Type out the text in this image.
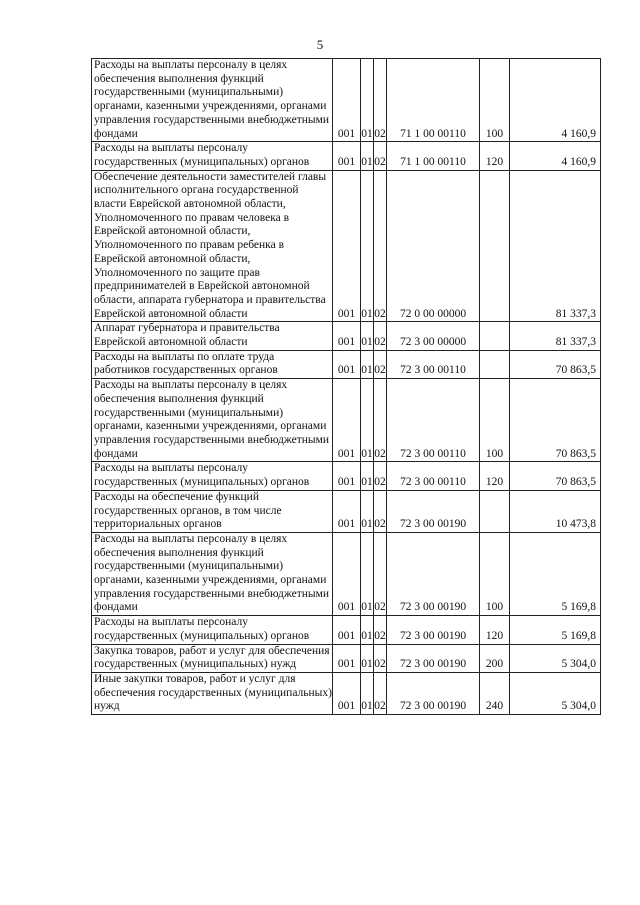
5
Расходы на выплаты персоналу в целях обеспечения выполнения функций государственными (муниципальными) органами, казенными учреждениями, органами управления государственными внебюджетными фондами	001	01	02	71 1 00 00110	100	4 160,9
Расходы на выплаты персоналу государственных (муниципальных) органов	001	01	02	71 1 00 00110	120	4 160,9
Обеспечение деятельности заместителей главы исполнительного органа государственной власти Еврейской автономной области, Уполномоченного по правам человека в Еврейской автономной области, Уполномоченного по правам ребенка в Еврейской автономной области, Уполномоченного по защите прав предпринимателей в Еврейской автономной области, аппарата губернатора и правительства Еврейской автономной области	001	01	02	72 0 00 00000		81 337,3
Аппарат губернатора и правительства Еврейской автономной области	001	01	02	72 3 00 00000		81 337,3
Расходы на выплаты по оплате труда работников государственных органов	001	01	02	72 3 00 00110		70 863,5
Расходы на выплаты персоналу в целях обеспечения выполнения функций государственными (муниципальными) органами, казенными учреждениями, органами управления государственными внебюджетными фондами	001	01	02	72 3 00 00110	100	70 863,5
Расходы на выплаты персоналу государственных (муниципальных) органов	001	01	02	72 3 00 00110	120	70 863,5
Расходы на обеспечение функций государственных органов, в том числе территориальных органов	001	01	02	72 3 00 00190		10 473,8
Расходы на выплаты персоналу в целях обеспечения выполнения функций государственными (муниципальными) органами, казенными учреждениями, органами управления государственными внебюджетными фондами	001	01	02	72 3 00 00190	100	5 169,8
Расходы на выплаты персоналу государственных (муниципальных) органов	001	01	02	72 3 00 00190	120	5 169,8
Закупка товаров, работ и услуг для обеспечения государственных (муниципальных) нужд	001	01	02	72 3 00 00190	200	5 304,0
Иные закупки товаров, работ и услуг для обеспечения государственных (муниципальных) нужд	001	01	02	72 3 00 00190	240	5 304,0
